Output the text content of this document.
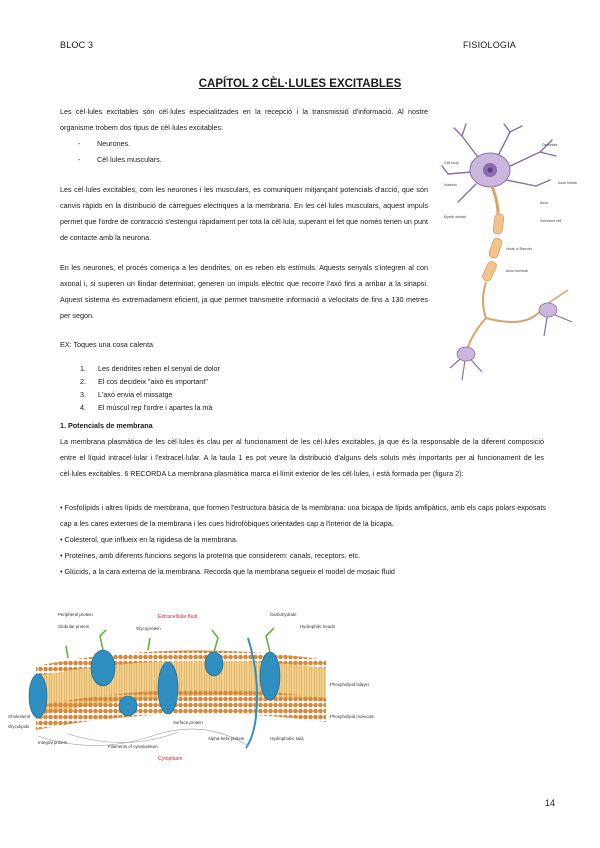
BLOC 3	FISIOLOGIA
CAPÍTOL 2 CÈL·LULES EXCITABLES
Les cèl·lules excitables són cèl·lules especialitzades en la recepció i la transmissió d'informació. Al nostre organisme trobem dos tipus de cèl·lules excitables:
- Neurones.
- Cèl·lules musculars.
Les cèl·lules excitables, com les neurones i les musculars, es comuniquen mitjançant potencials d'acció, que són canvis ràpids en la distribució de càrregues elèctriques a la membrana. En les cèl·lules musculars, aquest impuls permet que l'ordre de contracció s'estengui ràpidament per tota la cèl·lula, superant el fet que només tenen un punt de contacte amb la neurona.
En les neurones, el procés comença a les dendrites, on es reben els estímuls. Aquests senyals s'integren al con axonal i, si superen un llindar determinat, generen un impuls elèctric que recorre l'axó fins a arribar a la sinapsi. Aquest sistema és extremadament eficient, ja que permet transmetre informació a velocitats de fins a 130 metres per segon.
EX: Toques una cosa calenta
1. Les dendrites reben el senyal de dolor
2. El cos decideix "això és important"
3. L'axó envia el missatge
4. El múscul rep l'ordre i apartes la mà
1. Potencials de membrana
La membrana plasmàtica de les cèl·lules és clau per al funcionament de les cèl·lules excitables, ja que és la responsable de la diferent composició entre el líquid intracel·lular i l'extracel·lular. A la taula 1 es pot veure la distribució d'alguns dels soluts més importants per al funcionament de les cèl·lules excitables. 6 RECORDA La membrana plasmàtica marca el límit exterior de les cèl·lules, i està formada per (figura 2):
• Fosfolípids i altres lípids de membrana, que formen l'estructura bàsica de la membrana: una bicapa de lípids amfipàtics, amb els caps polars exposats cap a les cares externes de la membrana i les cues hidrofòbiques orientades cap a l'interior de la bicapa.
• Colesterol, que influeix en la rigidesa de la membrana.
• Proteïnes, amb diferents funcions segons la proteïna que considerem: canals, receptors, etc.
• Glúcids, a la cara externa de la membrana. Recorda que la membrana segueix el model de mosaic fluid
Cell body
Nucleus
Dendrites
Axon hillock
Axon
Schwann cell
Myelin sheath
Node of Ranvier
Axon terminal
Extracellular fluid
Cytoplasm
Peripheral protein
Globular protein	Glycoprotein
Carbohydrate
Hydrophilic heads
Phospholipid bilayer
Phospholipid molecule
Cholesterol
Glycolipids
Integral protein
Filaments of cytoskeleton
Surface protein
Alpha-helix protein	Hydrophobic tails
14
